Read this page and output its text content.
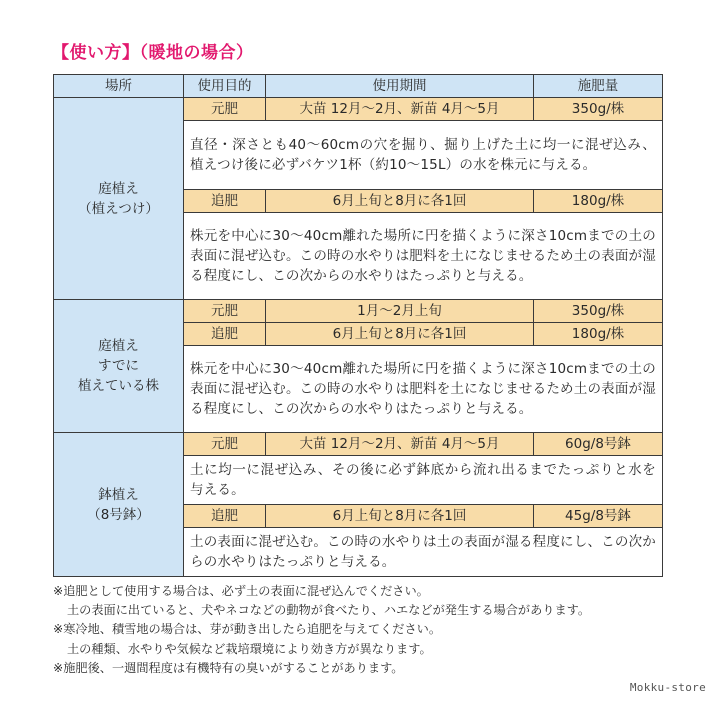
【使い方】（暖地の場合）
場所	使用目的	使用期間	施肥量

庭植え
（植えつけ）	元肥	大苗 12月〜2月、新苗 4月〜5月	350g/株
	直径・深さとも40〜60cmの穴を掘り、掘り上げた土に均一に混ぜ込み、植えつけ後に必ずバケツ1杯（約10〜15L）の水を株元に与える。		
	追肥	6月上旬と8月に各1回	180g/株
	株元を中心に30〜40cm離れた場所に円を描くように深さ10cmまでの土の表面に混ぜ込む。この時の水やりは肥料を土になじませるため土の表面が湿る程度にし、この次からの水やりはたっぷりと与える。		

庭植え
すでに
植えている株	元肥	1月〜2月上旬	350g/株
	追肥	6月上旬と8月に各1回	180g/株
	株元を中心に30〜40cm離れた場所に円を描くように深さ10cmまでの土の表面に混ぜ込む。この時の水やりは肥料を土になじませるため土の表面が湿る程度にし、この次からの水やりはたっぷりと与える。		

鉢植え
（8号鉢）	元肥	大苗 12月〜2月、新苗 4月〜5月	60g/8号鉢
	土に均一に混ぜ込み、その後に必ず鉢底から流れ出るまでたっぷりと水を与える。		
	追肥	6月上旬と8月に各1回	45g/8号鉢
	土の表面に混ぜ込む。この時の水やりは土の表面が湿る程度にし、この次からの水やりはたっぷりと与える。		
※追肥として使用する場合は、必ず土の表面に混ぜ込んでください。
土の表面に出ていると、犬やネコなどの動物が食べたり、ハエなどが発生する場合があります。
※寒冷地、積雪地の場合は、芽が動き出したら追肥を与えてください。
土の種類、水やりや気候など栽培環境により効き方が異なります。
※施肥後、一週間程度は有機特有の臭いがすることがあります。
Mokku-store
